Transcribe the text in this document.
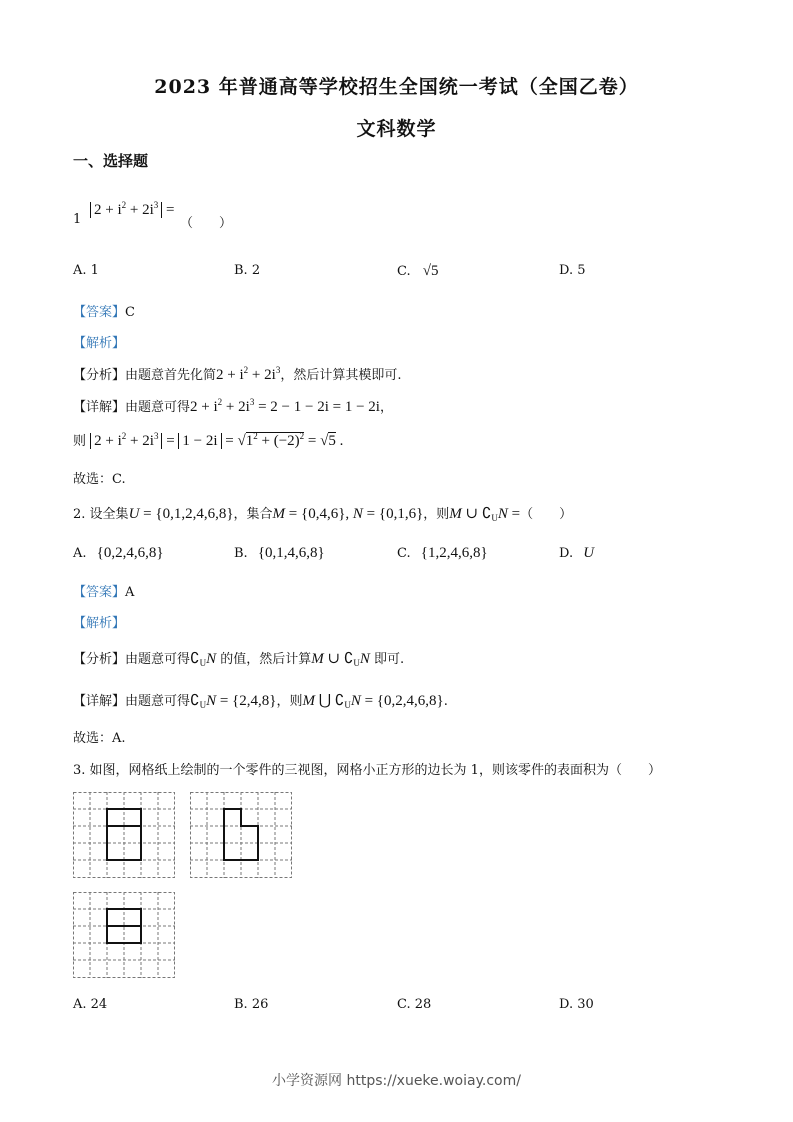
2023 年普通高等学校招生全国统一考试（全国乙卷）
文科数学
一、选择题
1
$2 + i^2 + 2i^3$ =
（　　）
A. 1	B. 2	C. √5	D. 5
【答案】C
【解析】
【分析】由题意首先化简$2 + i^2 + 2i^3$，然后计算其模即可.
【详解】由题意可得$2 + i^2 + 2i^3 = 2 - 1 - 2i = 1 - 2i$，
则 $2 + i^2 + 2i^3 = 1 - 2i = √1^2 + (-2)^2 = √5$ .
故选：C.
2. 设全集U = {0,1,2,4,6,8}，集合M = {0,4,6}, N = {0,1,6}，则M ∪ $∁_UN$ =（　　）
A. {0,2,4,6,8}	B. {0,1,4,6,8}	C. {1,2,4,6,8}	D. U
【答案】A
【解析】
【分析】由题意可得$∁_UN$ 的值，然后计算M ∪ $∁_UN$ 即可.
【详解】由题意可得$∁_UN = \{2,4,8\}$，则M ⋃ $∁_UN = \{0,2,4,6,8\}$.
故选：A.
3. 如图，网格纸上绘制的一个零件的三视图，网格小正方形的边长为 1，则该零件的表面积为（　　）
A. 24	B. 26	C. 28	D. 30
小学资源网 https://xueke.woiay.com/
